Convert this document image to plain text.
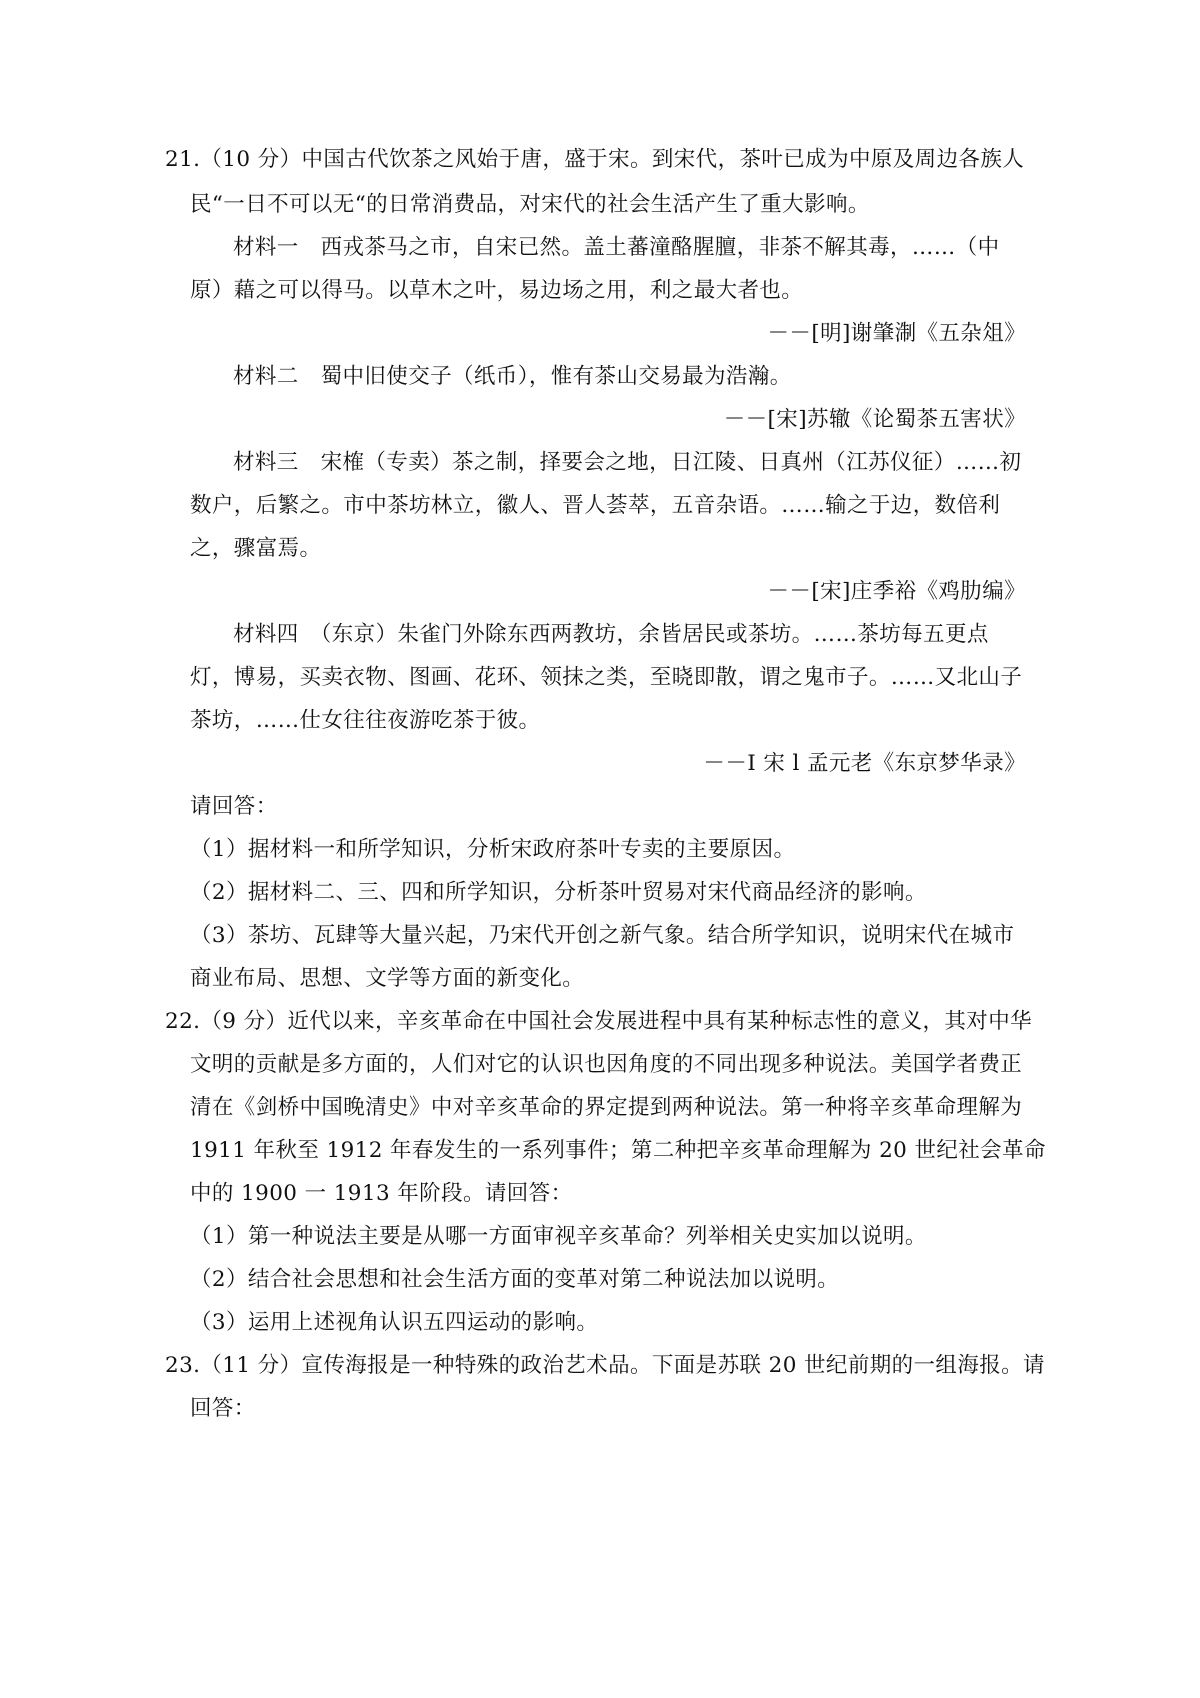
21.（10 分）中国古代饮茶之风始于唐，盛于宋。到宋代，茶叶已成为中原及周边各族人
民“一日不可以无“的日常消费品，对宋代的社会生活产生了重大影响。
材料一　西戎茶马之市，自宋已然。盖土蕃潼酪腥膻，非茶不解其毒，……（中
原）藉之可以得马。以草木之叶，易边场之用，利之最大者也。
－－[明]谢肇淛《五杂俎》
材料二　蜀中旧使交子（纸币），惟有茶山交易最为浩瀚。
－－[宋]苏辙《论蜀茶五害状》
材料三　宋榷（专卖）茶之制，择要会之地，日江陵、日真州（江苏仪征）……初
数户，后繁之。市中茶坊林立，徽人、晋人荟萃，五音杂语。……输之于边，数倍利
之，骤富焉。
－－[宋]庄季裕《鸡肋编》
材料四　（东京）朱雀门外除东西两教坊，余皆居民或茶坊。……茶坊每五更点
灯，博易，买卖衣物、图画、花环、领抹之类，至晓即散，谓之鬼市子。……又北山子
茶坊，……仕女往往夜游吃茶于彼。
－－I 宋 l 孟元老《东京梦华录》
请回答：
（1）据材料一和所学知识，分析宋政府茶叶专卖的主要原因。
（2）据材料二、三、四和所学知识，分析茶叶贸易对宋代商品经济的影响。
（3）茶坊、瓦肆等大量兴起，乃宋代开创之新气象。结合所学知识，说明宋代在城市
商业布局、思想、文学等方面的新变化。
22.（9 分）近代以来，辛亥革命在中国社会发展进程中具有某种标志性的意义，其对中华
文明的贡献是多方面的，人们对它的认识也因角度的不同出现多种说法。美国学者费正
清在《剑桥中国晚清史》中对辛亥革命的界定提到两种说法。第一种将辛亥革命理解为
1911 年秋至 1912 年春发生的一系列事件；第二种把辛亥革命理解为 20 世纪社会革命
中的 1900 一 1913 年阶段。请回答：
（1）第一种说法主要是从哪一方面审视辛亥革命？列举相关史实加以说明。
（2）结合社会思想和社会生活方面的变革对第二种说法加以说明。
（3）运用上述视角认识五四运动的影响。
23.（11 分）宣传海报是一种特殊的政治艺术品。下面是苏联 20 世纪前期的一组海报。请
回答：
